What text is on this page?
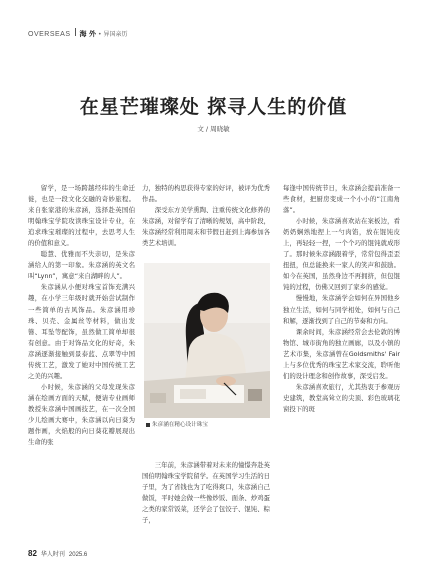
OVERSEAS 海 外 • 异国亲历
在星芒璀璨处 探寻人生的价值
文 / 周晓敏

留学，是一场跨越经纬的生命迁徙，也是一段文化交融的奇妙旅程。来自张家港的朱彦涵，选择赴英国伯明翰珠宝学院攻读珠宝设计专业，在追求珠宝璀璨的过程中，去思考人生的价值和意义。

聪慧、优雅而不失亲切，是朱彦涵给人的第一印象。朱彦涵的英文名叫“Lynn”，寓意“来自湖畔的人”。

朱彦涵从小便对珠宝首饰充满兴趣，在小学三年级时就开始尝试制作一些简单的古风饰品。朱彦涵用珍珠、贝壳、金属丝等材料，做出发簪、耳坠等配饰，虽然做工简单却很有创意。由于对饰品文化的好奇，朱彦涵逐渐接触到景泰蓝、点翠等中国传统工艺，激发了她对中国传统工艺之美的兴趣。

小时候，朱彦涵的父母发现朱彦涵在绘画方面的天赋，便请专业画师教授朱彦涵中国画技艺，在一次全国少儿绘画大赛中，朱彦涵以向日葵为题作画，火焰般的向日葵花瓣展现出生命的张

力，独特的构思获得专家的好评，被评为优秀作品。

深受东方美学熏陶、注重传统文化修养的朱彦涵，对留学有了清晰的规划，高中阶段，朱彦涵经常利用周末和节假日赶到上海参加各类艺术培训。

朱彦涵在精心设计珠宝

三年前，朱彦涵带着对未来的憧憬奔赴英国伯明翰珠宝学院留学。在英国学习生活的日子里，为了省钱也为了吃得爽口，朱彦涵自己做饭，平时她会做一些像炒饭、面条、炒鸡蛋之类的家常饭菜，还学会了包饺子、馄饨、粽子，

每逢中国传统节日，朱彦涵会提前准备一些食材，把厨房变成一个小小的“江南角落”。

小时候，朱彦涵喜欢站在案板边，看奶奶娴熟地捏上一勺肉馅，放在馄饨皮上，再轻轻一捏，一个个巧的馄饨就成形了。那时候朱彦涵跟着学，常常包得歪歪扭扭，但总能换来一家人的笑声和鼓励。如今在英国，虽然身边不再拥挤，但包馄饨的过程，仿佛又回到了家乡的感觉。

慢慢地，朱彦涵学会如何在异国他乡独立生活，如何与同学相处，如何与自己和解，逐渐找到了自己的节奏和方向。

课余时间，朱彦涵经常会去伦敦的博物馆、城市街角的独立画廊，以及小镇的艺术市集，朱彦涵曾在Goldsmiths' Fair上与多位优秀的珠宝艺术家交流，聆听他们的设计理念和创作故事，深受启发。

朱彦涵喜欢旅行，尤其热衷于参观历史建筑，教堂高耸立的尖顶、彩色玻璃花窗投下的斑

82 华人时刊 2025.6
